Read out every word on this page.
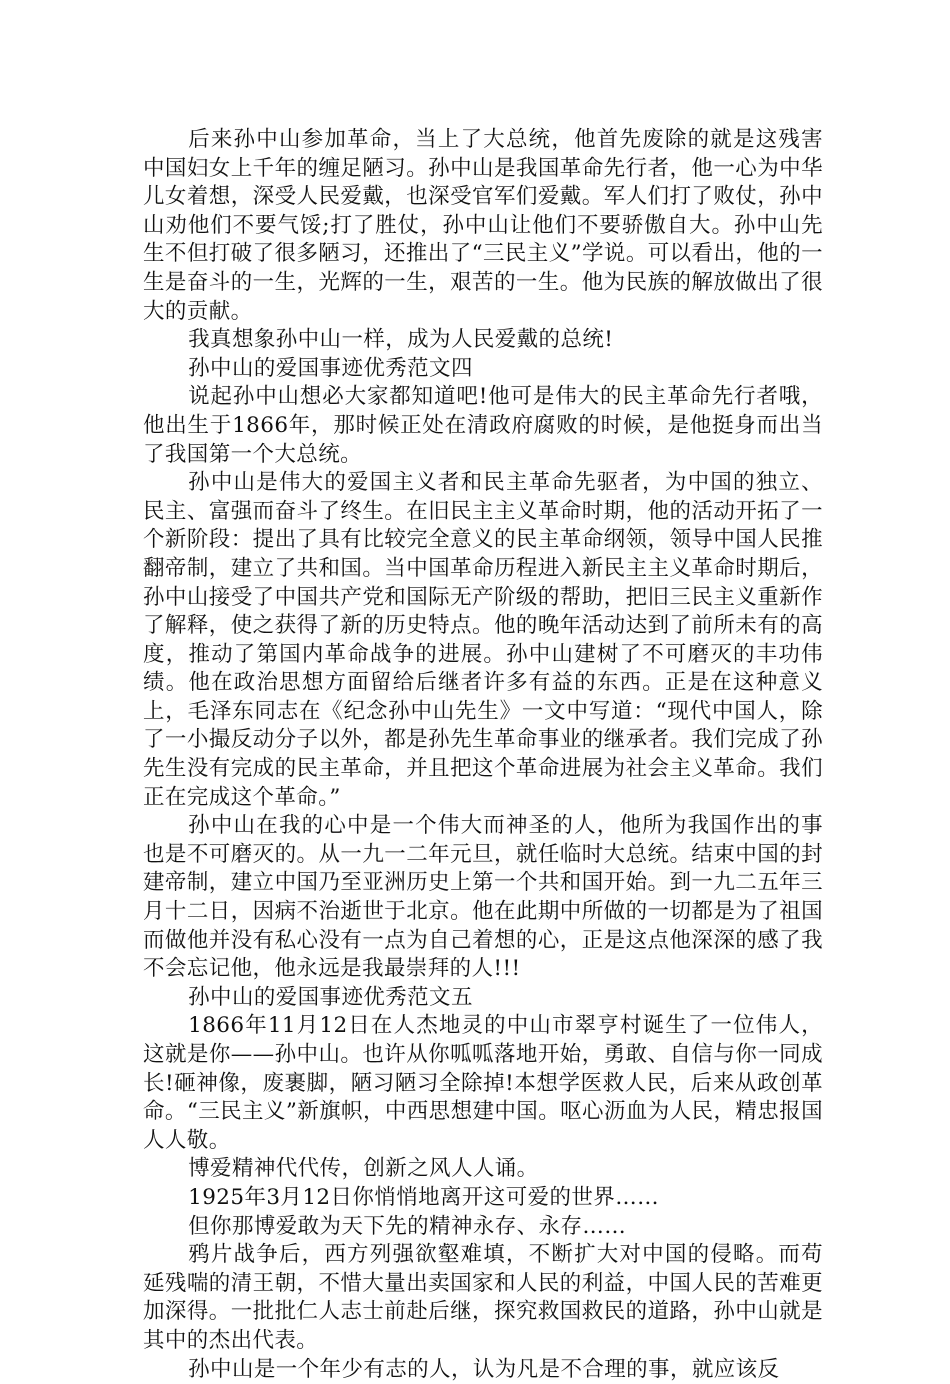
后来孙中山参加革命，当上了大总统，他首先废除的就是这残害中国妇女上千年的缠足陋习。孙中山是我国革命先行者，他一心为中华儿女着想，深受人民爱戴，也深受官军们爱戴。军人们打了败仗，孙中山劝他们不要气馁;打了胜仗，孙中山让他们不要骄傲自大。孙中山先生不但打破了很多陋习，还推出了“三民主义”学说。可以看出，他的一生是奋斗的一生，光辉的一生，艰苦的一生。他为民族的解放做出了很大的贡献。

我真想象孙中山一样，成为人民爱戴的总统!

孙中山的爱国事迹优秀范文四

说起孙中山想必大家都知道吧!他可是伟大的民主革命先行者哦，他出生于1866年，那时候正处在清政府腐败的时候，是他挺身而出当了我国第一个大总统。

孙中山是伟大的爱国主义者和民主革命先驱者，为中国的独立、民主、富强而奋斗了终生。在旧民主主义革命时期，他的活动开拓了一个新阶段：提出了具有比较完全意义的民主革命纲领，领导中国人民推翻帝制，建立了共和国。当中国革命历程进入新民主主义革命时期后，孙中山接受了中国共产党和国际无产阶级的帮助，把旧三民主义重新作了解释，使之获得了新的历史特点。他的晚年活动达到了前所未有的高度，推动了第国内革命战争的进展。孙中山建树了不可磨灭的丰功伟绩。他在政治思想方面留给后继者许多有益的东西。正是在这种意义上，毛泽东同志在《纪念孙中山先生》一文中写道：“现代中国人，除了一小撮反动分子以外，都是孙先生革命事业的继承者。我们完成了孙先生没有完成的民主革命，并且把这个革命进展为社会主义革命。我们正在完成这个革命。”

孙中山在我的心中是一个伟大而神圣的人，他所为我国作出的事也是不可磨灭的。从一九一二年元旦，就任临时大总统。结束中国的封建帝制，建立中国乃至亚洲历史上第一个共和国开始。到一九二五年三月十二日，因病不治逝世于北京。他在此期中所做的一切都是为了祖国而做他并没有私心没有一点为自己着想的心，正是这点他深深的感了我不会忘记他，他永远是我最崇拜的人!!!

孙中山的爱国事迹优秀范文五

1866年11月12日在人杰地灵的中山市翠亨村诞生了一位伟人，这就是你——孙中山。也许从你呱呱落地开始，勇敢、自信与你一同成长!砸神像，废裹脚，陋习陋习全除掉!本想学医救人民，后来从政创革命。“三民主义”新旗帜，中西思想建中国。呕心沥血为人民，精忠报国人人敬。

博爱精神代代传，创新之风人人诵。

1925年3月12日你悄悄地离开这可爱的世界……

但你那博爱敢为天下先的精神永存、永存……

鸦片战争后，西方列强欲壑难填，不断扩大对中国的侵略。而苟延残喘的清王朝，不惜大量出卖国家和人民的利益，中国人民的苦难更加深得。一批批仁人志士前赴后继，探究救国救民的道路，孙中山就是其中的杰出代表。

孙中山是一个年少有志的人，认为凡是不合理的事，就应该反
